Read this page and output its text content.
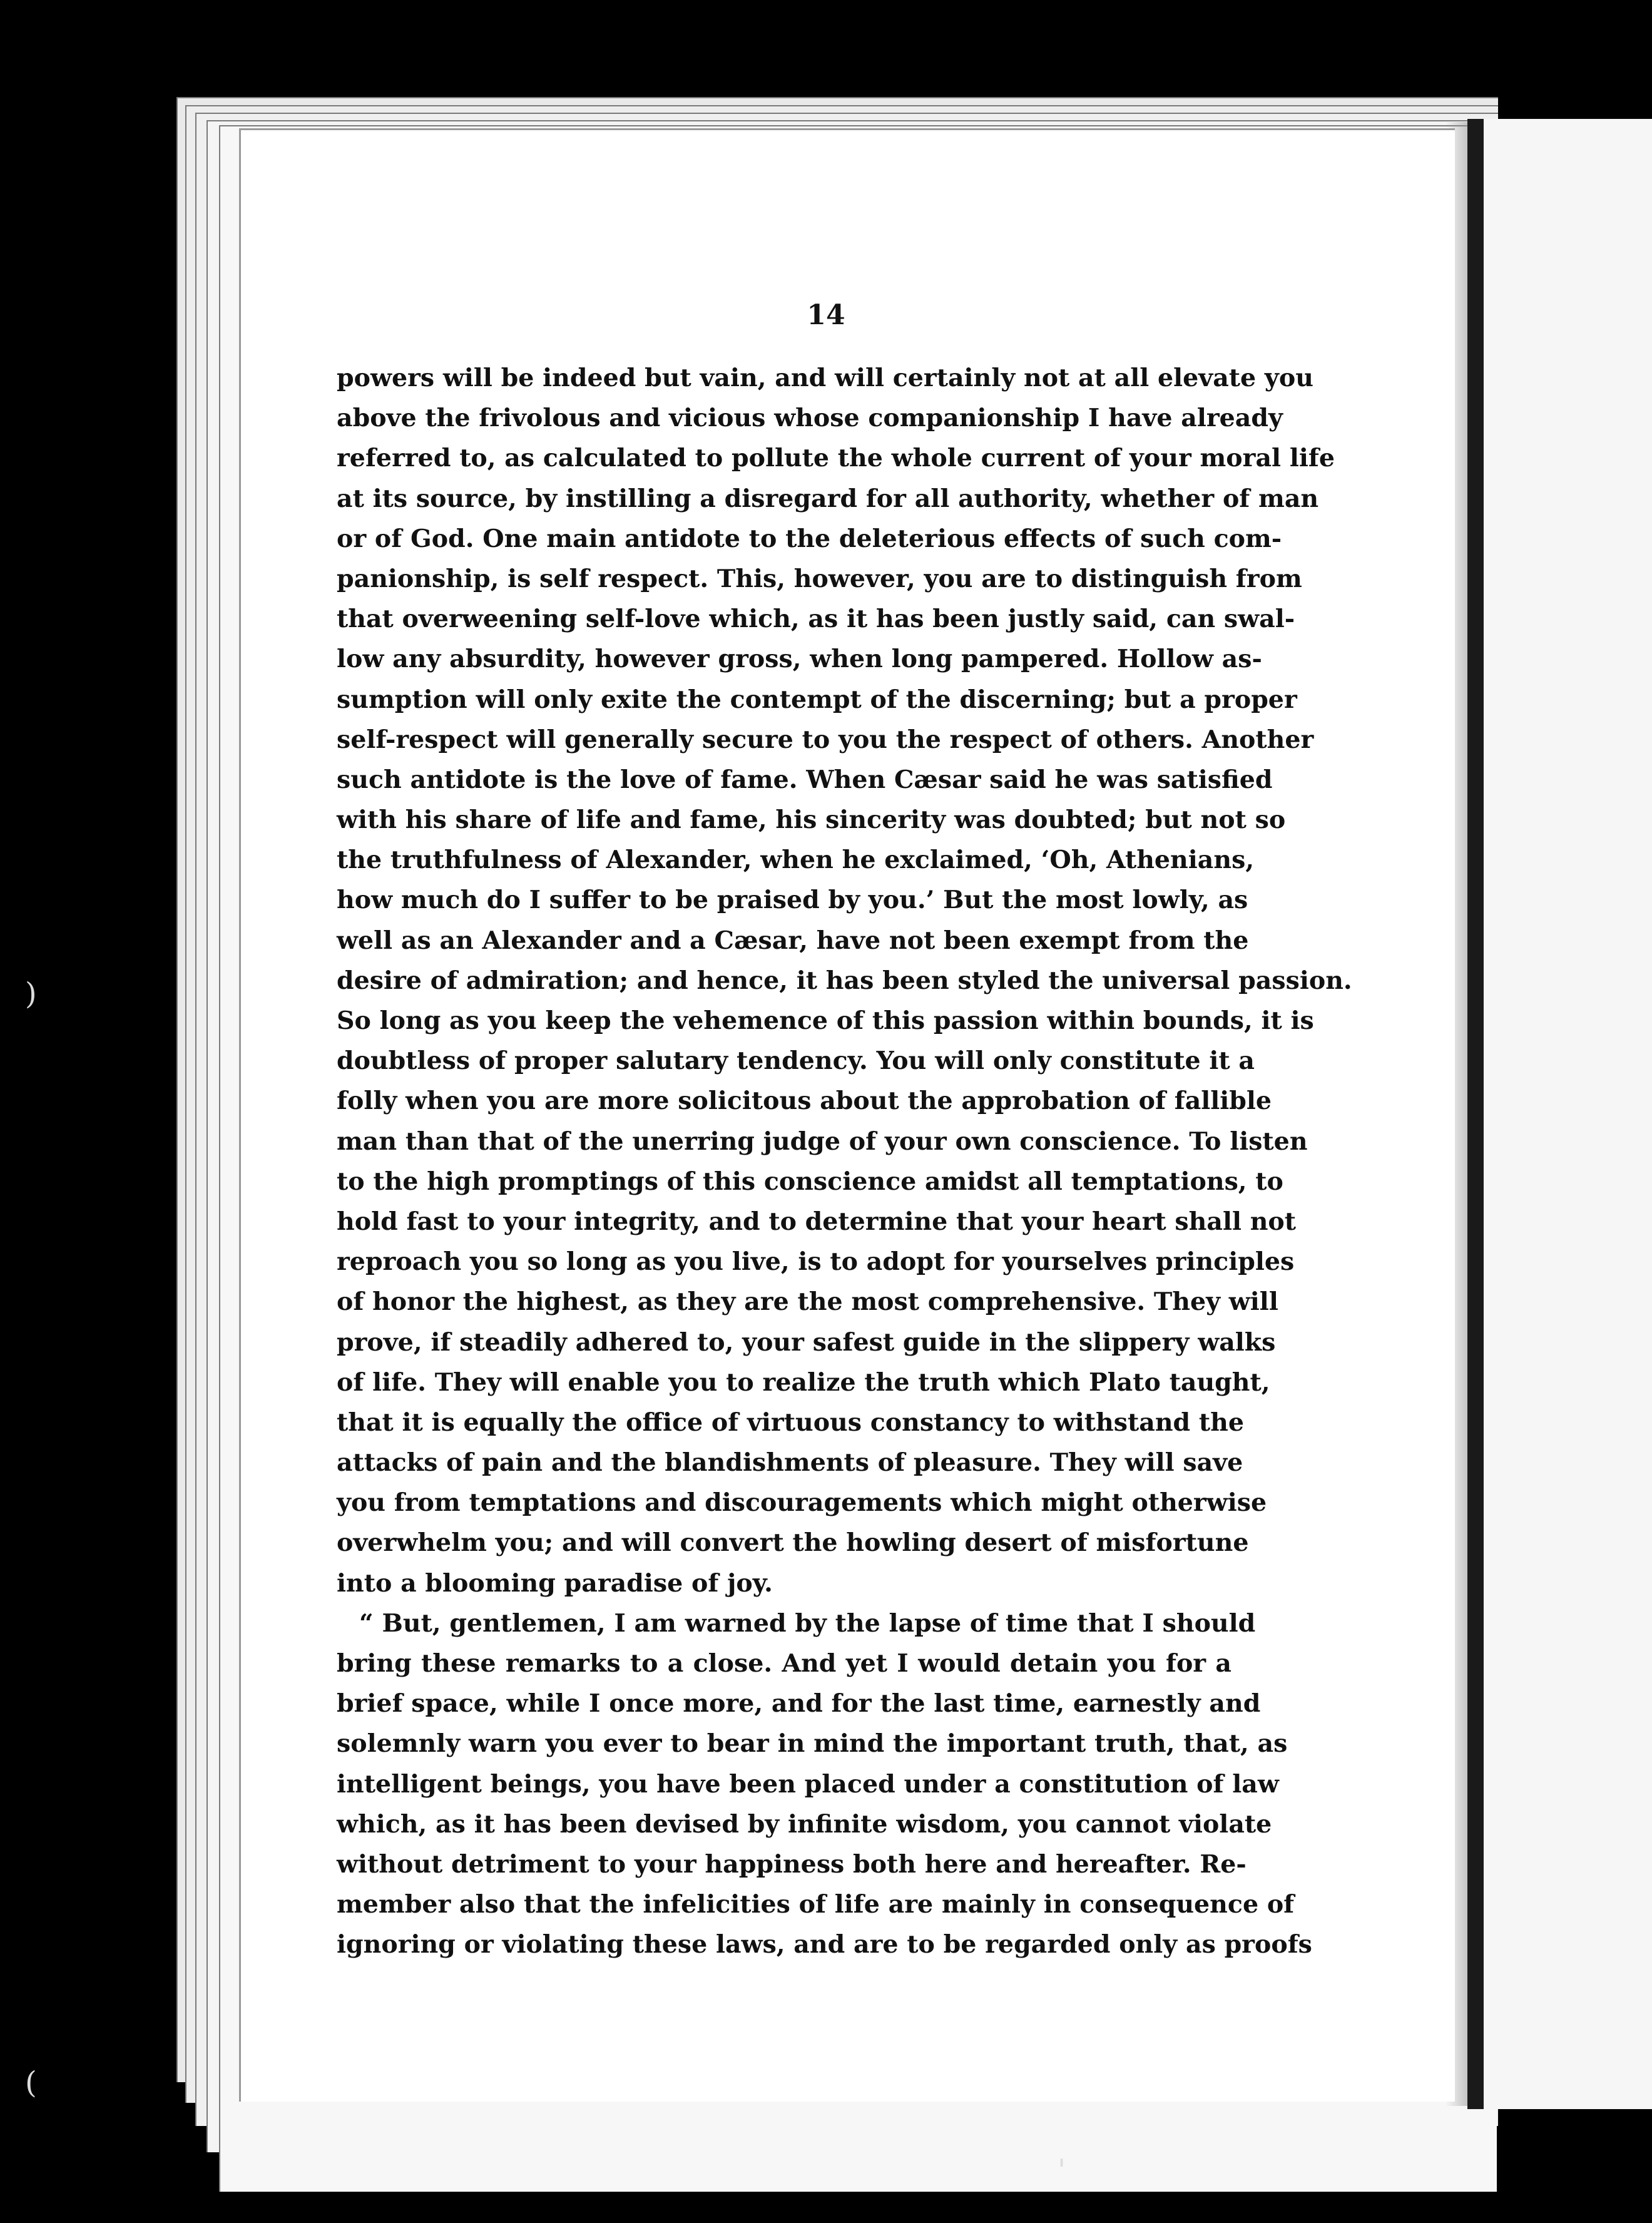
14

powers will be indeed but vain, and will certainly not at all elevate you
above the frivolous and vicious whose companionship I have already
referred to, as calculated to pollute the whole current of your moral life
at its source, by instilling a disregard for all authority, whether of man
or of God. One main antidote to the deleterious effects of such com-
panionship, is self respect. This, however, you are to distinguish from
that overweening self-love which, as it has been justly said, can swal-
low any absurdity, however gross, when long pampered. Hollow as-
sumption will only exite the contempt of the discerning; but a proper
self-respect will generally secure to you the respect of others. Another
such antidote is the love of fame. When Cæsar said he was satisfied
with his share of life and fame, his sincerity was doubted; but not so
the truthfulness of Alexander, when he exclaimed, ‘Oh, Athenians,
how much do I suffer to be praised by you.’ But the most lowly, as
well as an Alexander and a Cæsar, have not been exempt from the
desire of admiration; and hence, it has been styled the universal passion.
So long as you keep the vehemence of this passion within bounds, it is
doubtless of proper salutary tendency. You will only constitute it a
folly when you are more solicitous about the approbation of fallible
man than that of the unerring judge of your own conscience. To listen
to the high promptings of this conscience amidst all temptations, to
hold fast to your integrity, and to determine that your heart shall not
reproach you so long as you live, is to adopt for yourselves principles
of honor the highest, as they are the most comprehensive. They will
prove, if steadily adhered to, your safest guide in the slippery walks
of life. They will enable you to realize the truth which Plato taught,
that it is equally the office of virtuous constancy to withstand the
attacks of pain and the blandishments of pleasure. They will save
you from temptations and discouragements which might otherwise
overwhelm you; and will convert the howling desert of misfortune
into a blooming paradise of joy.
“ But, gentlemen, I am warned by the lapse of time that I should
bring these remarks to a close. And yet I would detain you for a
brief space, while I once more, and for the last time, earnestly and
solemnly warn you ever to bear in mind the important truth, that, as
intelligent beings, you have been placed under a constitution of law
which, as it has been devised by infinite wisdom, you cannot violate
without detriment to your happiness both here and hereafter. Re-
member also that the infelicities of life are mainly in consequence of
ignoring or violating these laws, and are to be regarded only as proofs
)
(
'
